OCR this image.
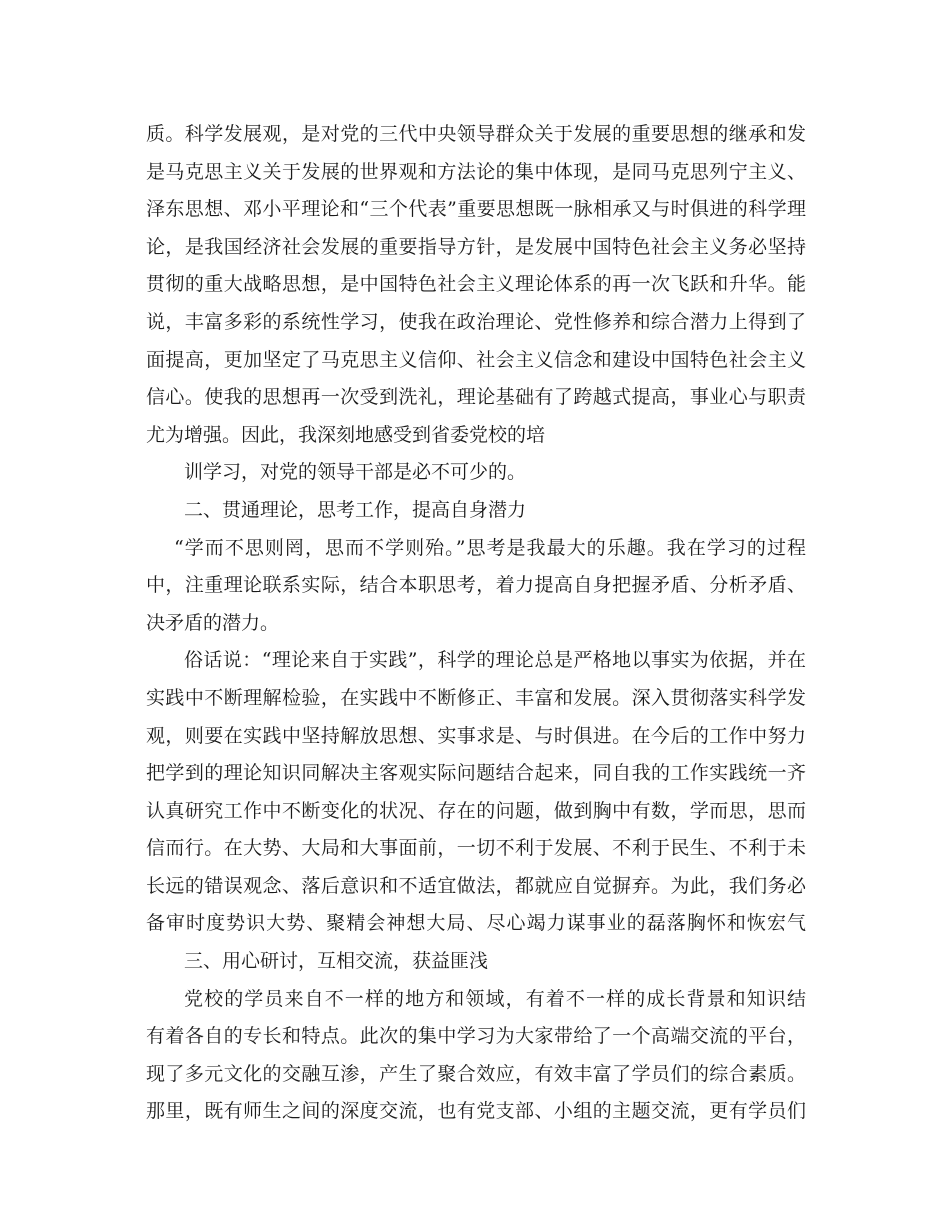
质。科学发展观，是对党的三代中央领导群众关于发展的重要思想的继承和发
是马克思主义关于发展的世界观和方法论的集中体现，是同马克思列宁主义、
泽东思想、邓小平理论和“三个代表”重要思想既一脉相承又与时俱进的科学理
论，是我国经济社会发展的重要指导方针，是发展中国特色社会主义务必坚持
贯彻的重大战略思想，是中国特色社会主义理论体系的再一次飞跃和升华。能
说，丰富多彩的系统性学习，使我在政治理论、党性修养和综合潜力上得到了
面提高，更加坚定了马克思主义信仰、社会主义信念和建设中国特色社会主义
信心。使我的思想再一次受到洗礼，理论基础有了跨越式提高，事业心与职责
尤为增强。因此，我深刻地感受到省委党校的培
训学习，对党的领导干部是必不可少的。
二、贯通理论，思考工作，提高自身潜力
“学而不思则罔，思而不学则殆。”思考是我最大的乐趣。我在学习的过程
中，注重理论联系实际，结合本职思考，着力提高自身把握矛盾、分析矛盾、
决矛盾的潜力。
俗话说：“理论来自于实践”，科学的理论总是严格地以事实为依据，并在
实践中不断理解检验，在实践中不断修正、丰富和发展。深入贯彻落实科学发
观，则要在实践中坚持解放思想、实事求是、与时俱进。在今后的工作中努力
把学到的理论知识同解决主客观实际问题结合起来，同自我的工作实践统一齐
认真研究工作中不断变化的状况、存在的问题，做到胸中有数，学而思，思而
信而行。在大势、大局和大事面前，一切不利于发展、不利于民生、不利于未
长远的错误观念、落后意识和不适宜做法，都就应自觉摒弃。为此，我们务必
备审时度势识大势、聚精会神想大局、尽心竭力谋事业的磊落胸怀和恢宏气
三、用心研讨，互相交流，获益匪浅
党校的学员来自不一样的地方和领域，有着不一样的成长背景和知识结
有着各自的专长和特点。此次的集中学习为大家带给了一个高端交流的平台，
现了多元文化的交融互渗，产生了聚合效应，有效丰富了学员们的综合素质。
那里，既有师生之间的深度交流，也有党支部、小组的主题交流，更有学员们
